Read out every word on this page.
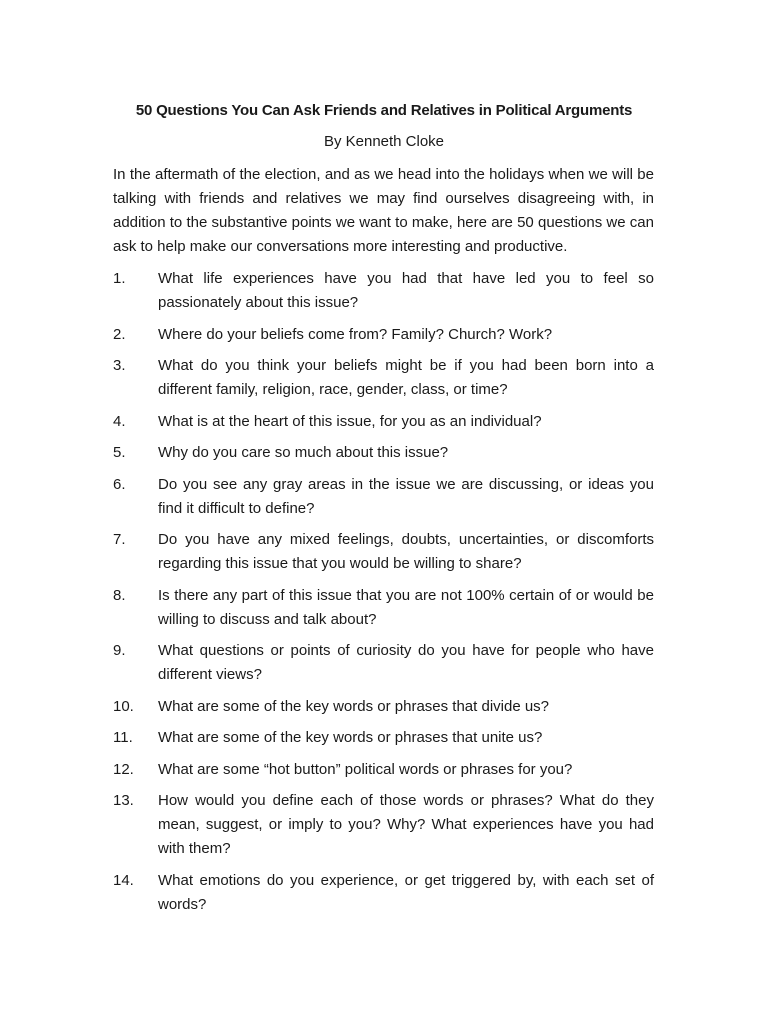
50 Questions You Can Ask Friends and Relatives in Political Arguments
By Kenneth Cloke

In the aftermath of the election, and as we head into the holidays when we will be talking with friends and relatives we may find ourselves disagreeing with, in addition to the substantive points we want to make, here are 50 questions we can ask to help make our conversations more interesting and productive.

1. What life experiences have you had that have led you to feel so passionately about this issue?
2. Where do your beliefs come from? Family? Church? Work?
3. What do you think your beliefs might be if you had been born into a different family, religion, race, gender, class, or time?
4. What is at the heart of this issue, for you as an individual?
5. Why do you care so much about this issue?
6. Do you see any gray areas in the issue we are discussing, or ideas you find it difficult to define?
7. Do you have any mixed feelings, doubts, uncertainties, or discomforts regarding this issue that you would be willing to share?
8. Is there any part of this issue that you are not 100% certain of or would be willing to discuss and talk about?
9. What questions or points of curiosity do you have for people who have different views?
10. What are some of the key words or phrases that divide us?
11. What are some of the key words or phrases that unite us?
12. What are some “hot button” political words or phrases for you?
13. How would you define each of those words or phrases? What do they mean, suggest, or imply to you? Why? What experiences have you had with them?
14. What emotions do you experience, or get triggered by, with each set of words?
